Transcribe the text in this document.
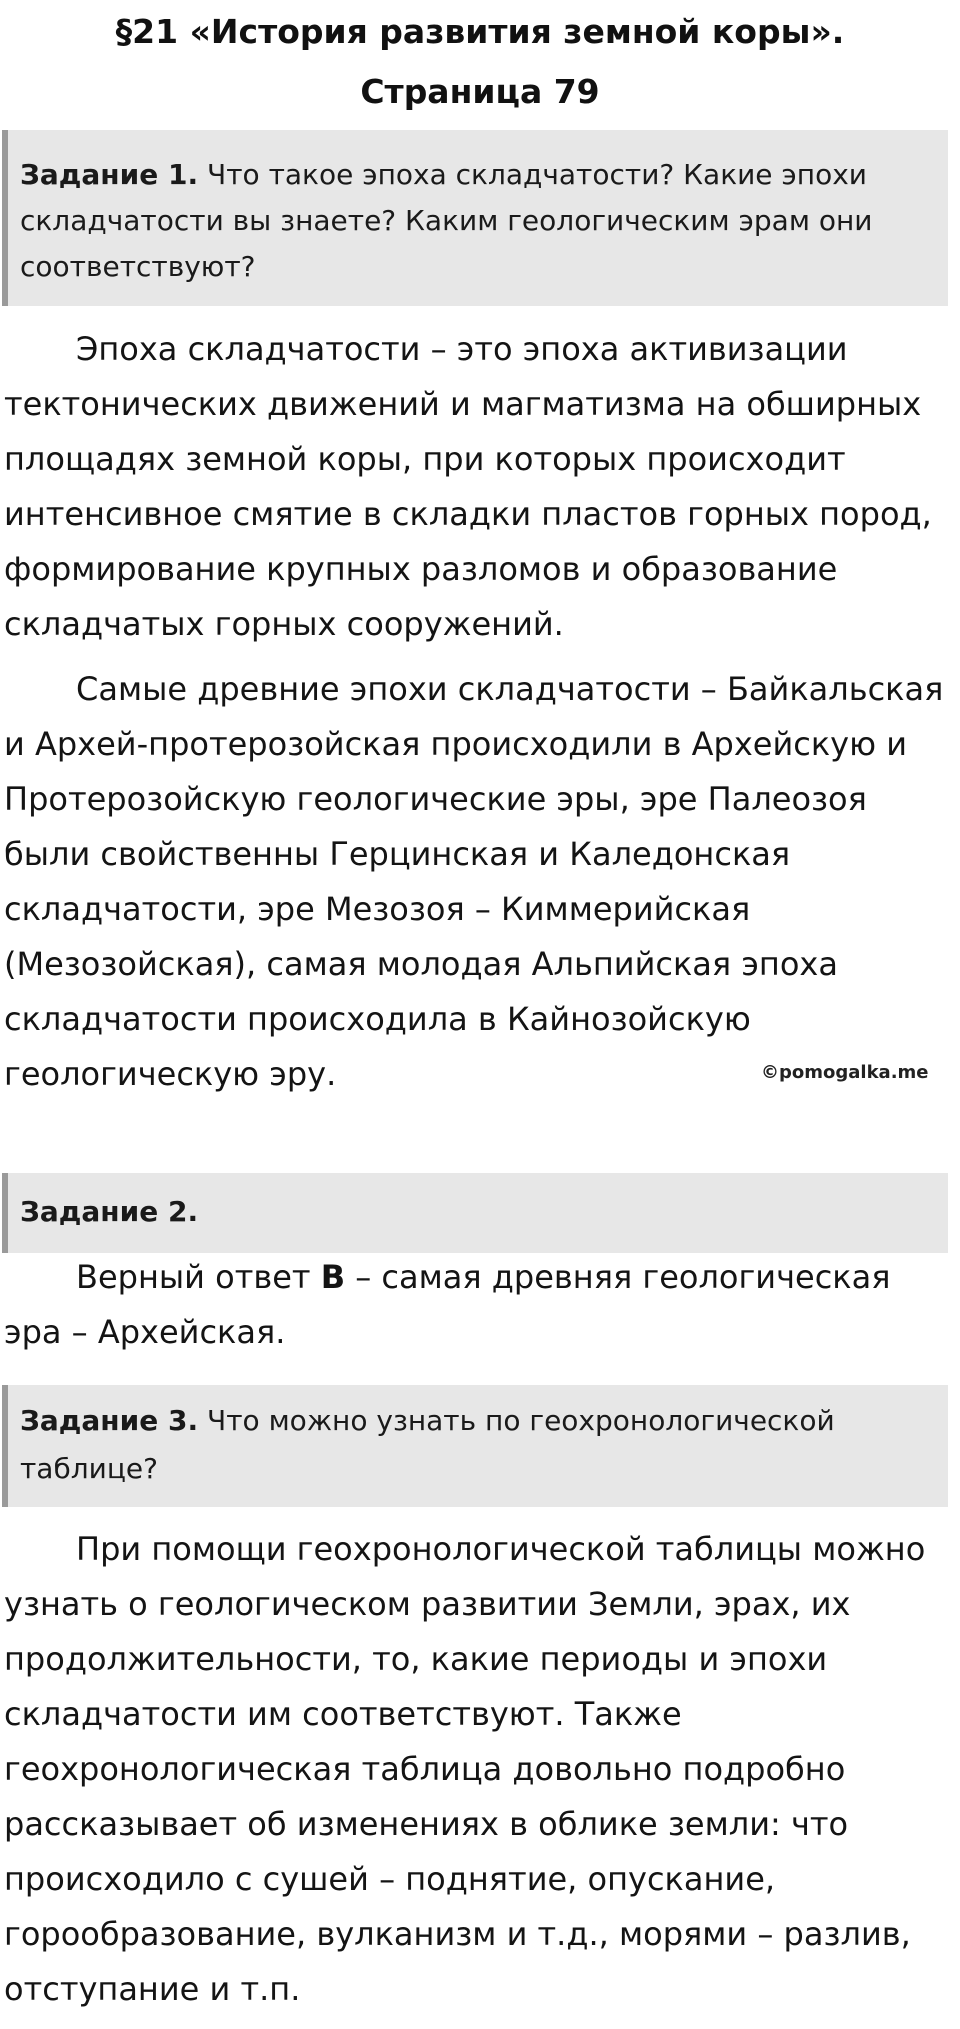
§21 «История развития земной коры».
Страница 79
Задание 1. Что такое эпоха складчатости? Какие эпохи складчатости вы знаете? Каким геологическим эрам они соответствуют?

Эпоха складчатости – это эпоха активизации тектонических движений и магматизма на обширных площадях земной коры, при которых происходит интенсивное смятие в складки пластов горных пород, формирование крупных разломов и образование складчатых горных сооружений.

Самые древние эпохи складчатости – Байкальская и Архей-протерозойская происходили в Архейскую и Протерозойскую геологические эры, эре Палеозоя были свойственны Герцинская и Каледонская складчатости, эре Мезозоя – Киммерийская (Мезозойская), самая молодая Альпийская эпоха складчатости происходила в Кайнозойскую геологическую эру.	©pomogalka.me
Задание 2.

Верный ответ В – самая древняя геологическая эра – Архейская.

Задание 3. Что можно узнать по геохронологической таблице?

При помощи геохронологической таблицы можно узнать о геологическом развитии Земли, эрах, их продолжительности, то, какие периоды и эпохи складчатости им соответствуют. Также геохронологическая таблица довольно подробно рассказывает об изменениях в облике земли: что происходило с сушей – поднятие, опускание, горообразование, вулканизм и т.д., морями – разлив, отступание и т.п.
